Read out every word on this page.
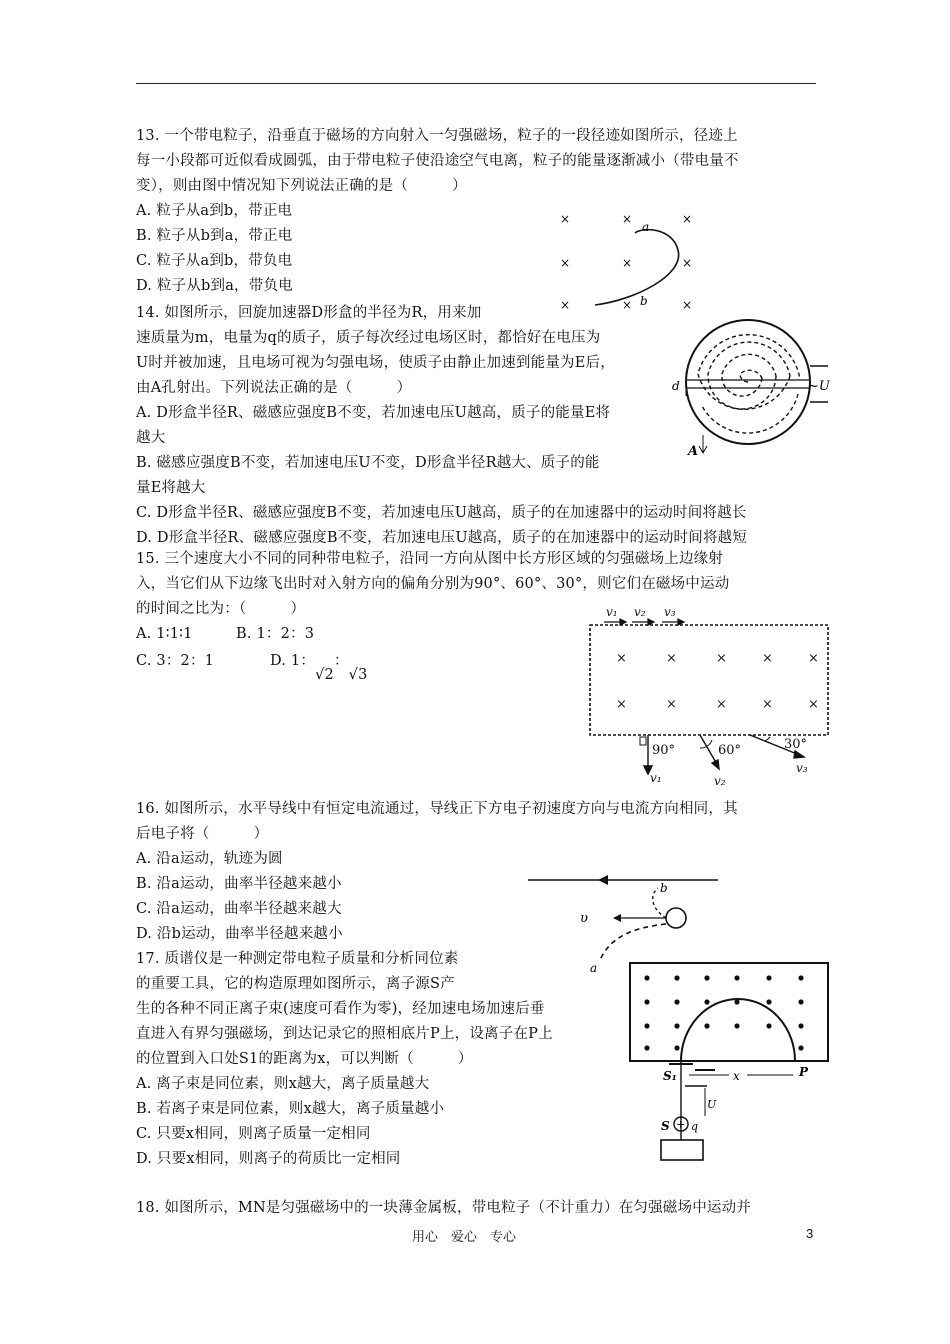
13. 一个带电粒子，沿垂直于磁场的方向射入一匀强磁场，粒子的一段径迹如图所示，径迹上
每一小段都可近似看成圆弧，由于带电粒子使沿途空气电离，粒子的能量逐渐减小（带电量不
变），则由图中情况知下列说法正确的是（　　　）
A. 粒子从a到b，带正电
B. 粒子从b到a，带正电
C. 粒子从a到b，带负电
D. 粒子从b到a，带负电
×	×	×
×	×	×
×	×	×
a
b
14. 如图所示，回旋加速器D形盒的半径为R，用来加
速质量为m，电量为q的质子，质子每次经过电场区时，都恰好在电压为
U时并被加速，且电场可视为匀强电场，使质子由静止加速到能量为E后，
由A孔射出。下列说法正确的是（　　　）
A. D形盒半径R、磁感应强度B不变，若加速电压U越高，质子的能量E将
越大
B. 磁感应强度B不变，若加速电压U不变，D形盒半径R越大、质子的能
量E将越大
C. D形盒半径R、磁感应强度B不变，若加速电压U越高，质子的在加速器中的运动时间将越长
D. D形盒半径R、磁感应强度B不变，若加速电压U越高，质子的在加速器中的运动时间将越短
d	~U
A
15. 三个速度大小不同的同种带电粒子，沿同一方向从图中长方形区域的匀强磁场上边缘射
入，当它们从下边缘飞出时对入射方向的偏角分别为90°、60°、30°，则它们在磁场中运动
的时间之比为：（　　　）
A. 1∶1∶1	B. 1：2：3
C. 3：2：1	D. 1：√2：√3
×	×	×	×	×
×	×	×	×	×
v₁ v₂ v₃
90°	60°	30°
v₁	v₂
v₃
16. 如图所示，水平导线中有恒定电流通过，导线正下方电子初速度方向与电流方向相同，其
后电子将（　　　）
A. 沿a运动，轨迹为圆
B. 沿a运动，曲率半径越来越小
C. 沿a运动，曲率半径越来越大
D. 沿b运动，曲率半径越来越小
υ
b
a
17. 质谱仪是一种测定带电粒子质量和分析同位素
的重要工具，它的构造原理如图所示，离子源S产
生的各种不同正离子束(速度可看作为零)，经加速电场加速后垂
直进入有界匀强磁场，到达记录它的照相底片P上，设离子在P上
的位置到入口处S1的距离为x，可以判断（　　　）
A. 离子束是同位素，则x越大，离子质量越大
B. 若离子束是同位素，则x越大，离子质量越小
C. 只要x相同，则离子质量一定相同
D. 只要x相同，则离子的荷质比一定相同
S₁	x	P
U
+
S q
18. 如图所示，MN是匀强磁场中的一块薄金属板，带电粒子（不计重力）在匀强磁场中运动并
用心　爱心　专心	3
